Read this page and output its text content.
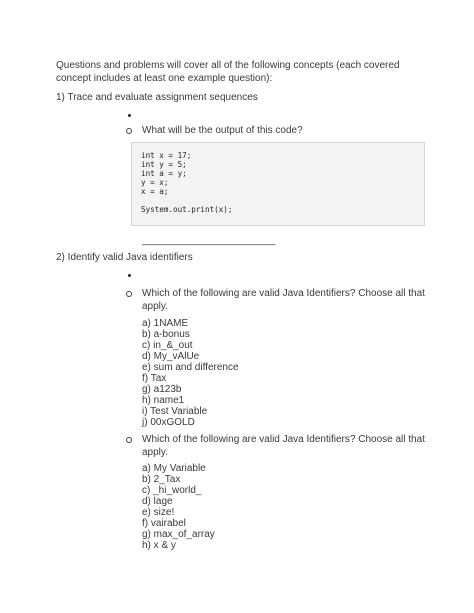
Questions and problems will cover all of the following concepts (each covered concept includes at least one example question):
1) Trace and evaluate assignment sequences
What will be the output of this code?
int x = 17;
int y = 5;
int a = y;
y = x;
x = a;
System.out.print(x);
________________________
2) Identify valid Java identifiers
Which of the following are valid Java Identifiers? Choose all that apply.
a) 1NAME
b) a-bonus
c) in_&_out
d) My_vAlUe
e) sum and difference
f) Tax
g) a123b
h) name1
i) Test Variable
j) 00xGOLD
Which of the following are valid Java Identifiers? Choose all that apply.
a) My Variable
b) 2_Tax
c) _hi_world_
d) lage
e) size!
f) vairabel
g) max_of_array
h) x & y
